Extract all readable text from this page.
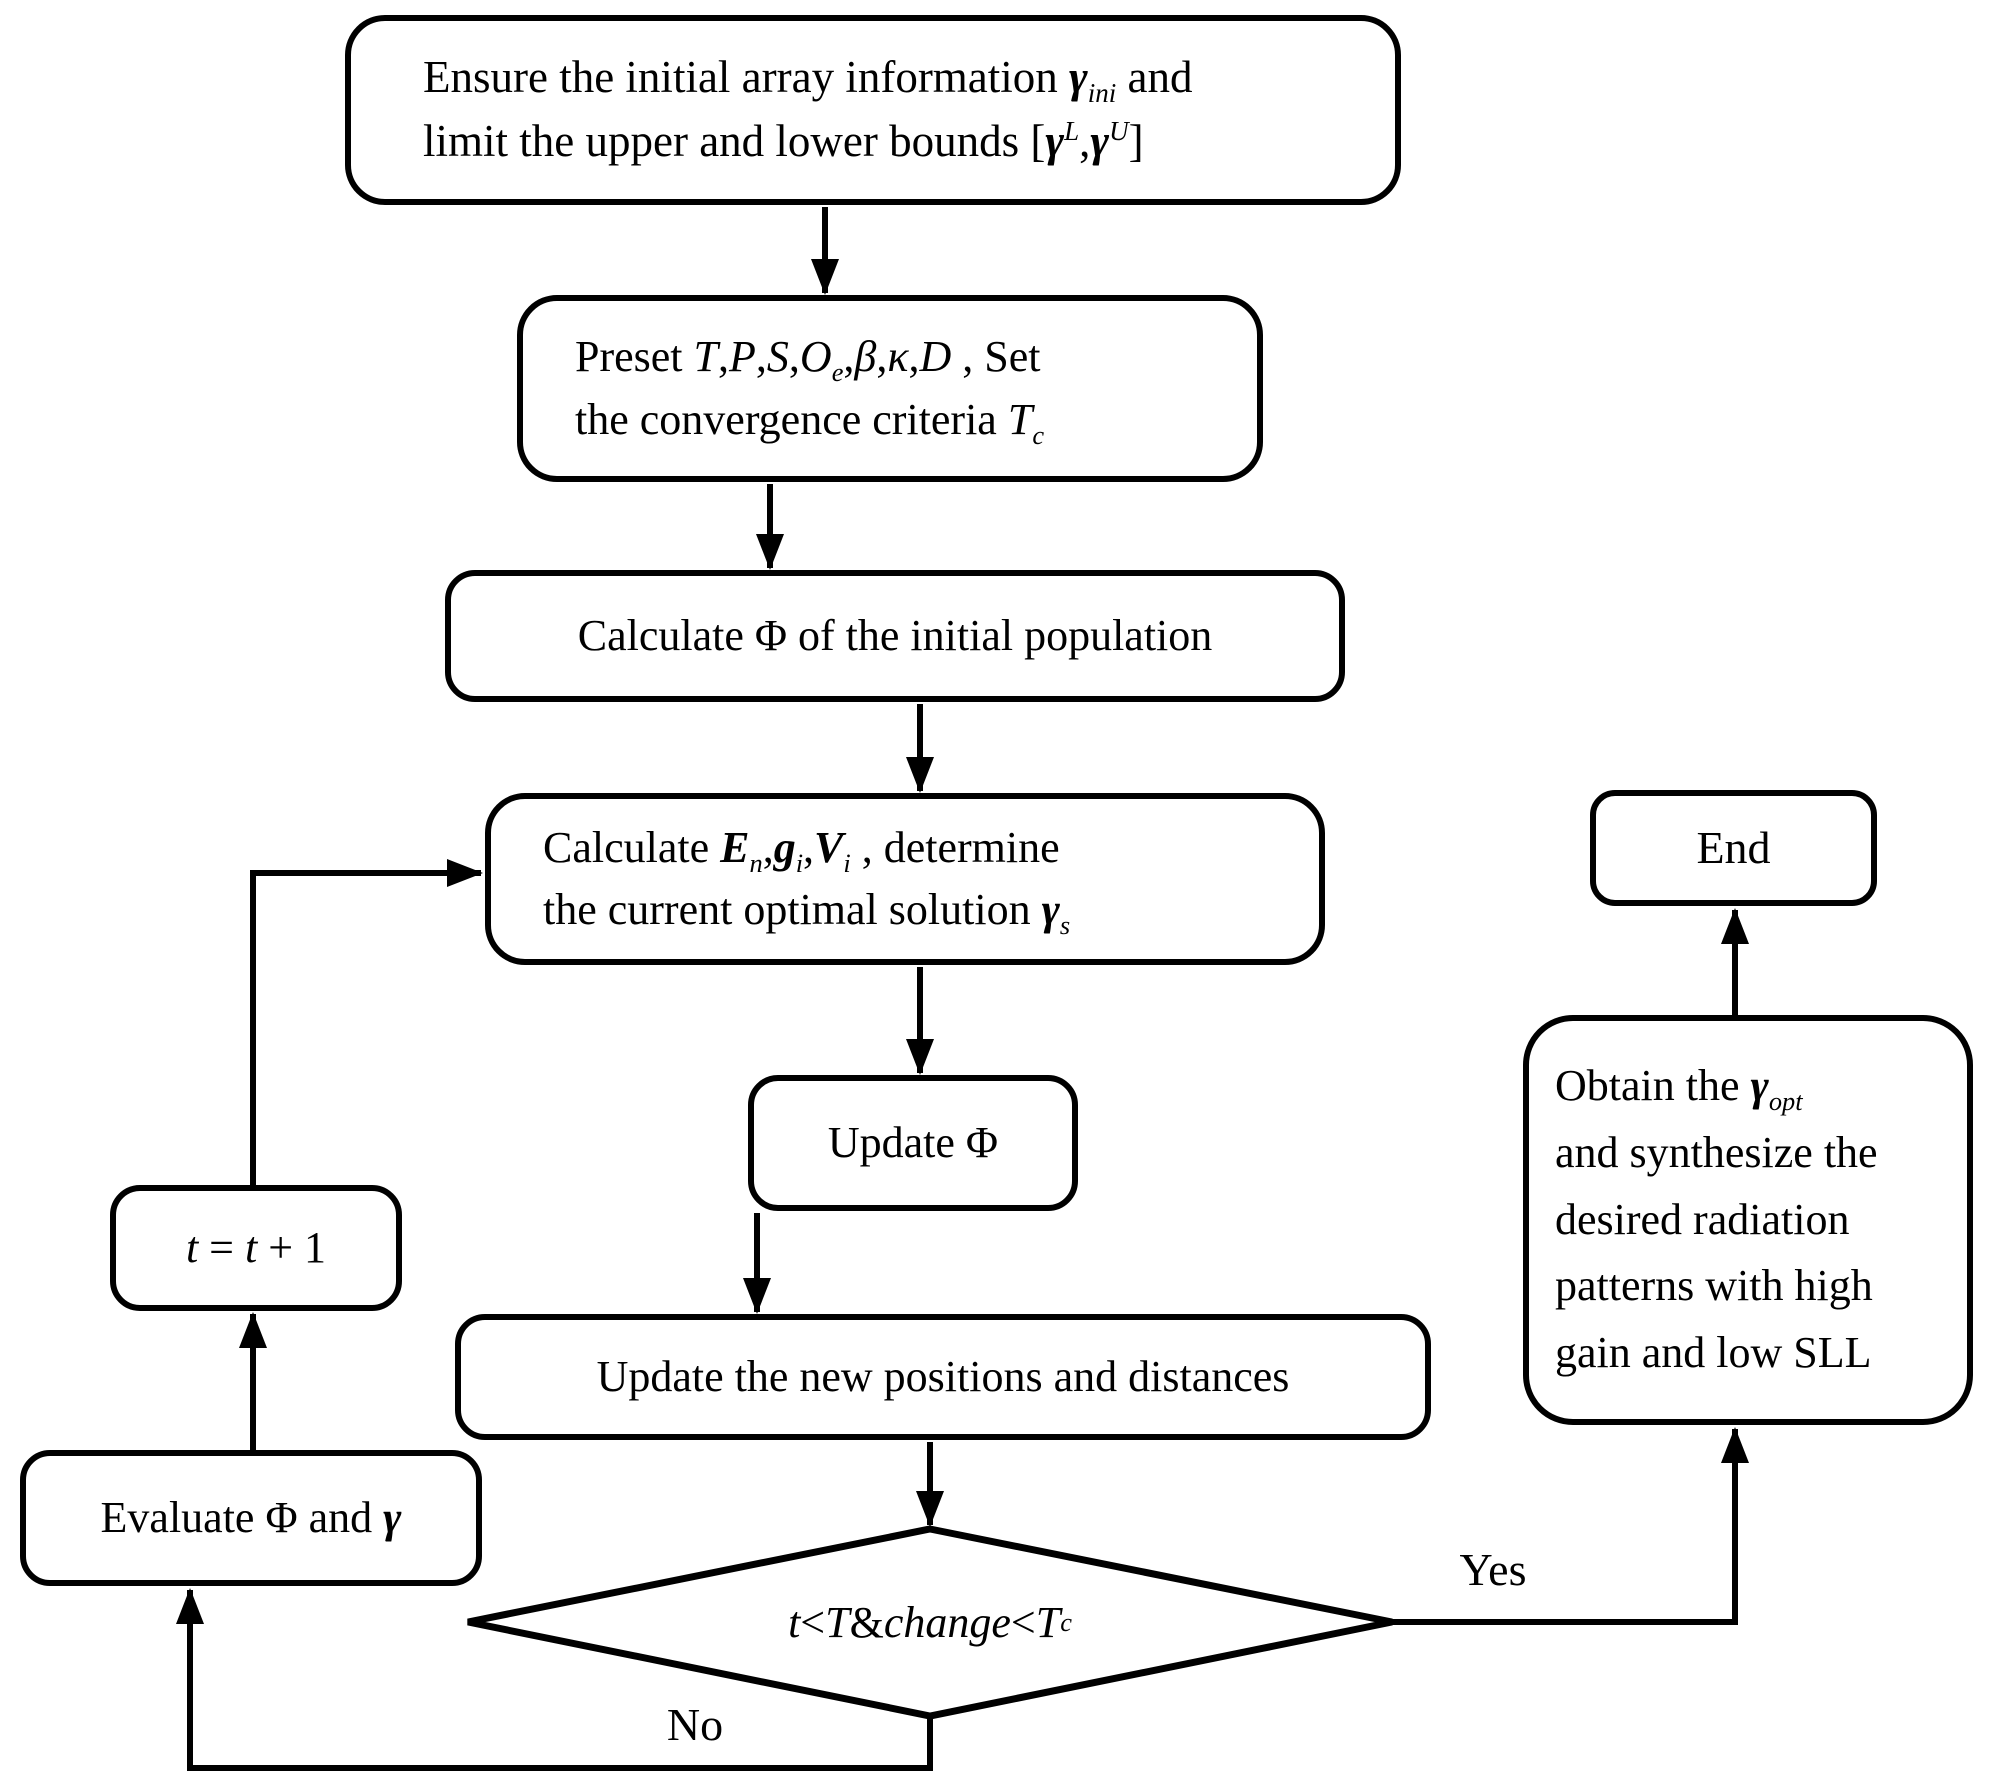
Ensure the initial array information $\gamma_{ini}$ and
limit the upper and lower bounds $[\gamma^L,\gamma^U]$
Preset $T,P,S,O_e,\beta,\kappa,D$ , Set
the convergence criteria $T_c$
Calculate Φ of the initial population
Calculate $E_n,g_i,V_i$ , determine
the current optimal solution $\gamma_s$
Update Φ
Update the new positions and distances
Evaluate Φ and γ
t = t + 1
End
Obtain the $\gamma_{opt}$
and synthesize the
desired radiation
patterns with high
gain and low SLL
t < T & change < T c
Yes
No
